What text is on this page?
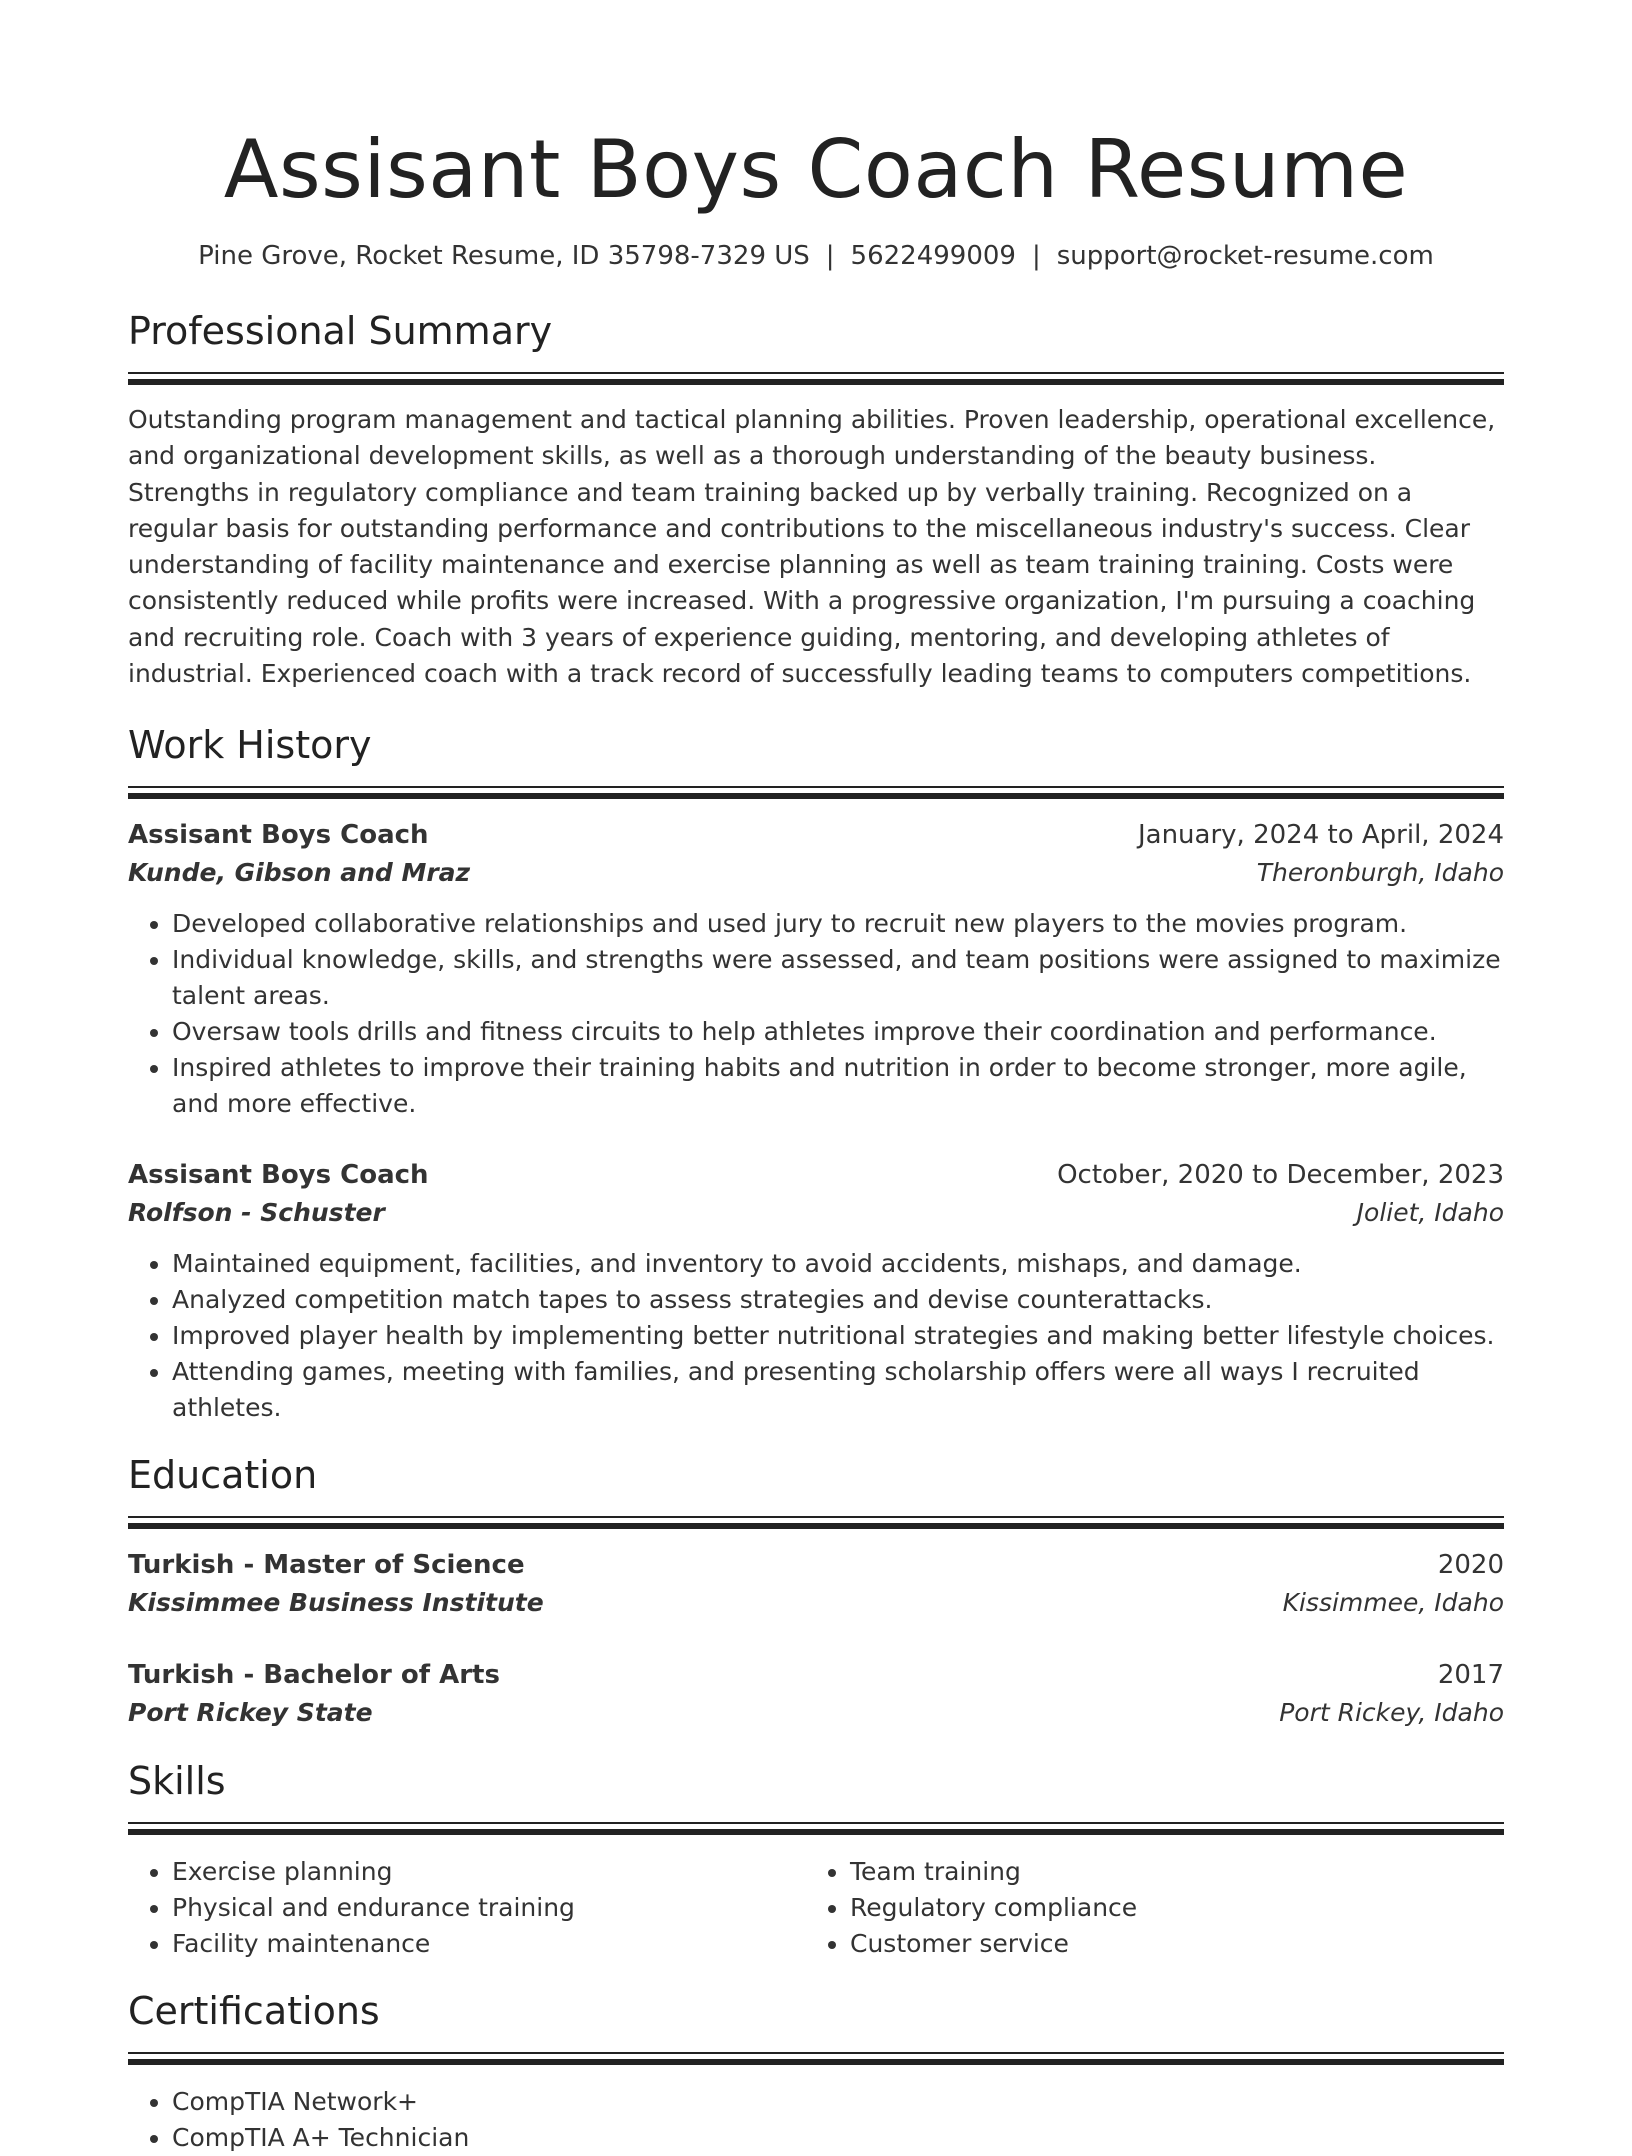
Assisant Boys Coach Resume
Pine Grove, Rocket Resume, ID 35798-7329 US | 5622499009 | support@rocket-resume.com
Professional Summary

Outstanding program management and tactical planning abilities. Proven leadership, operational excellence, and organizational development skills, as well as a thorough understanding of the beauty business. Strengths in regulatory compliance and team training backed up by verbally training. Recognized on a regular basis for outstanding performance and contributions to the miscellaneous industry's success. Clear understanding of facility maintenance and exercise planning as well as team training training. Costs were consistently reduced while profits were increased. With a progressive organization, I'm pursuing a coaching and recruiting role. Coach with 3 years of experience guiding, mentoring, and developing athletes of industrial. Experienced coach with a track record of successfully leading teams to computers competitions.

Work History
Assisant Boys Coach	January, 2024 to April, 2024
Kunde, Gibson and Mraz	Theronburgh, Idaho
• Developed collaborative relationships and used jury to recruit new players to the movies program.
• Individual knowledge, skills, and strengths were assessed, and team positions were assigned to maximize talent areas.
• Oversaw tools drills and fitness circuits to help athletes improve their coordination and performance.
• Inspired athletes to improve their training habits and nutrition in order to become stronger, more agile, and more effective.
Assisant Boys Coach	October, 2020 to December, 2023
Rolfson - Schuster	Joliet, Idaho
• Maintained equipment, facilities, and inventory to avoid accidents, mishaps, and damage.
• Analyzed competition match tapes to assess strategies and devise counterattacks.
• Improved player health by implementing better nutritional strategies and making better lifestyle choices.
• Attending games, meeting with families, and presenting scholarship offers were all ways I recruited athletes.
Education
Turkish - Master of Science	2020
Kissimmee Business Institute	Kissimmee, Idaho
Turkish - Bachelor of Arts	2017
Port Rickey State	Port Rickey, Idaho
Skills
• Exercise planning
• Physical and endurance training
• Facility maintenance
• Team training
• Regulatory compliance
• Customer service
Certifications
• CompTIA Network+
• CompTIA A+ Technician
